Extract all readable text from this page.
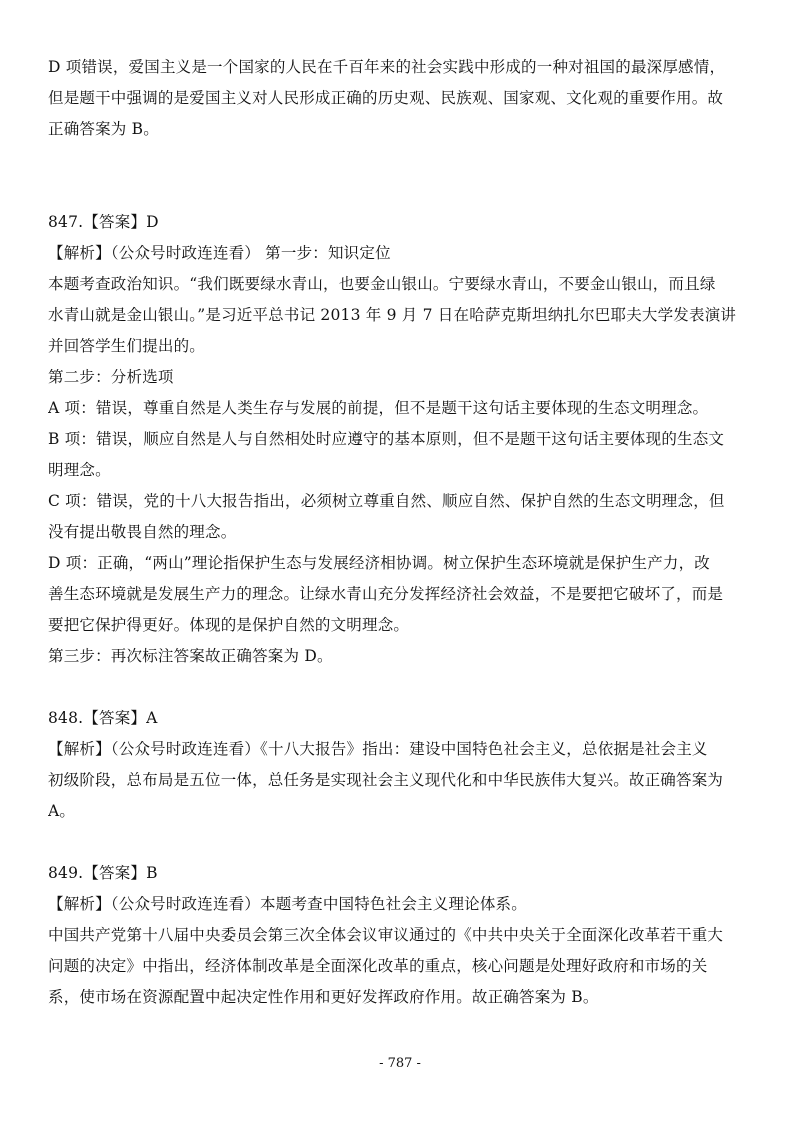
D 项错误，爱国主义是一个国家的人民在千百年来的社会实践中形成的一种对祖国的最深厚感情，
但是题干中强调的是爱国主义对人民形成正确的历史观、民族观、国家观、文化观的重要作用。故
正确答案为 B。
847.【答案】D
【解析】（公众号时政连连看） 第一步：知识定位
本题考查政治知识。“我们既要绿水青山，也要金山银山。宁要绿水青山，不要金山银山，而且绿
水青山就是金山银山。”是习近平总书记 2013 年 9 月 7 日在哈萨克斯坦纳扎尔巴耶夫大学发表演讲
并回答学生们提出的。
第二步：分析选项
A 项：错误，尊重自然是人类生存与发展的前提，但不是题干这句话主要体现的生态文明理念。
B 项：错误，顺应自然是人与自然相处时应遵守的基本原则，但不是题干这句话主要体现的生态文
明理念。
C 项：错误，党的十八大报告指出，必须树立尊重自然、顺应自然、保护自然的生态文明理念，但
没有提出敬畏自然的理念。
D 项：正确，“两山”理论指保护生态与发展经济相协调。树立保护生态环境就是保护生产力，改
善生态环境就是发展生产力的理念。让绿水青山充分发挥经济社会效益，不是要把它破坏了，而是
要把它保护得更好。体现的是保护自然的文明理念。
第三步：再次标注答案故正确答案为 D。
848.【答案】A
【解析】（公众号时政连连看）《十八大报告》指出：建设中国特色社会主义，总依据是社会主义
初级阶段，总布局是五位一体，总任务是实现社会主义现代化和中华民族伟大复兴。故正确答案为
A。
849.【答案】B
【解析】（公众号时政连连看）本题考查中国特色社会主义理论体系。
中国共产党第十八届中央委员会第三次全体会议审议通过的《中共中央关于全面深化改革若干重大
问题的决定》中指出，经济体制改革是全面深化改革的重点，核心问题是处理好政府和市场的关
系，使市场在资源配置中起决定性作用和更好发挥政府作用。故正确答案为 B。
- 787 -
